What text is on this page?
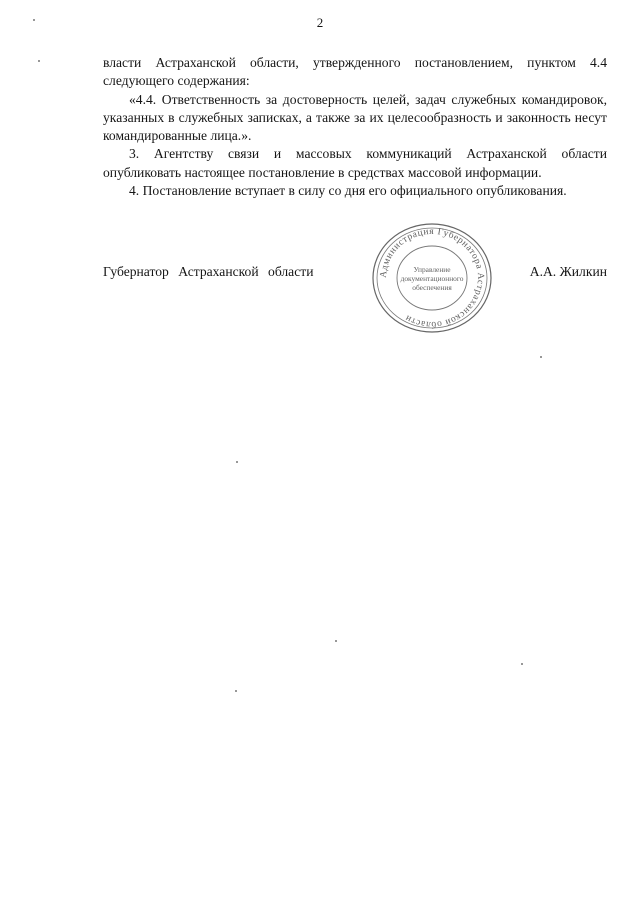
2

власти Астраханской области, утвержденного постановлением, пунктом 4.4 следующего содержания:

«4.4. Ответственность за достоверность целей, задач служебных командировок, указанных в служебных записках, а также за их целесообразность и законность несут командированные лица.».

3. Агентству связи и массовых коммуникаций Астраханской области опубликовать настоящее постановление в средствах массовой информации.

4. Постановление вступает в силу со дня его официального опубликования.

Губернатор Астраханской области	А.А. Жилкин
Администрация Губернатора Астраханской области
Управление
документационного
обеспечения
